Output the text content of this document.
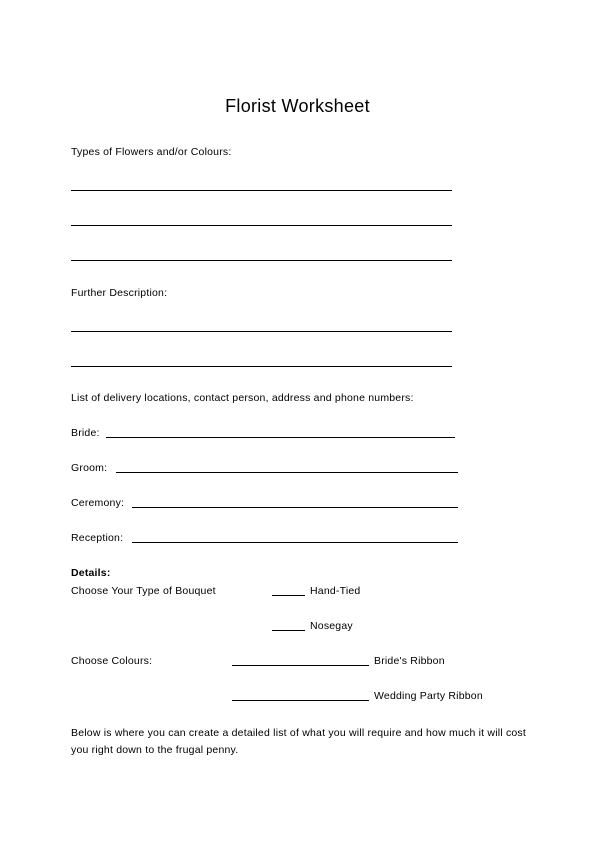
Florist Worksheet
Types of Flowers and/or Colours:
Further Description:
List of delivery locations, contact person, address and phone numbers:
Bride:
Groom:
Ceremony:
Reception:
Details:
Choose Your Type of Bouquet	Hand-Tied
Nosegay
Choose Colours:	Bride's Ribbon
Wedding Party Ribbon
Below is where you can create a detailed list of what you will require and how much it will cost you right down to the frugal penny.
